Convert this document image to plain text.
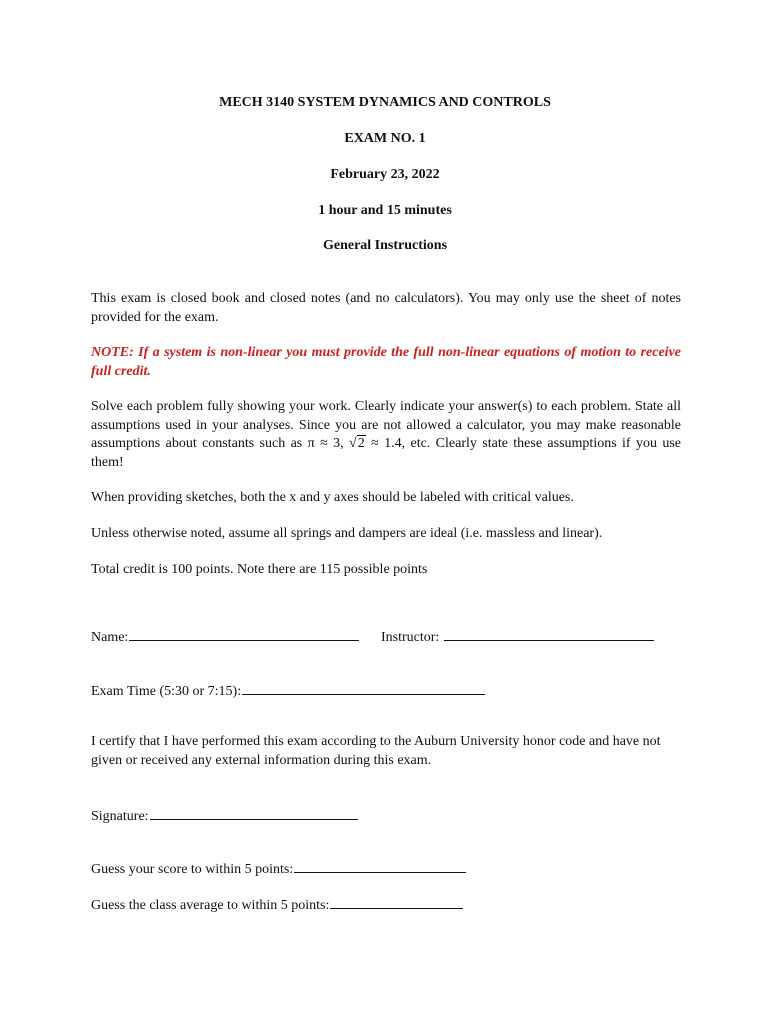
MECH 3140 SYSTEM DYNAMICS AND CONTROLS
EXAM NO. 1
February 23, 2022
1 hour and 15 minutes
General Instructions
This exam is closed book and closed notes (and no calculators). You may only use the sheet of notes provided for the exam.
NOTE: If a system is non-linear you must provide the full non-linear equations of motion to receive full credit.
Solve each problem fully showing your work. Clearly indicate your answer(s) to each problem. State all assumptions used in your analyses. Since you are not allowed a calculator, you may make reasonable assumptions about constants such as π ≈ 3, √2 ≈ 1.4, etc. Clearly state these assumptions if you use them!
When providing sketches, both the x and y axes should be labeled with critical values.
Unless otherwise noted, assume all springs and dampers are ideal (i.e. massless and linear).
Total credit is 100 points. Note there are 115 possible points
Name:	Instructor:
Exam Time (5:30 or 7:15):
I certify that I have performed this exam according to the Auburn University honor code and have not given or received any external information during this exam.
Signature:
Guess your score to within 5 points:
Guess the class average to within 5 points:
